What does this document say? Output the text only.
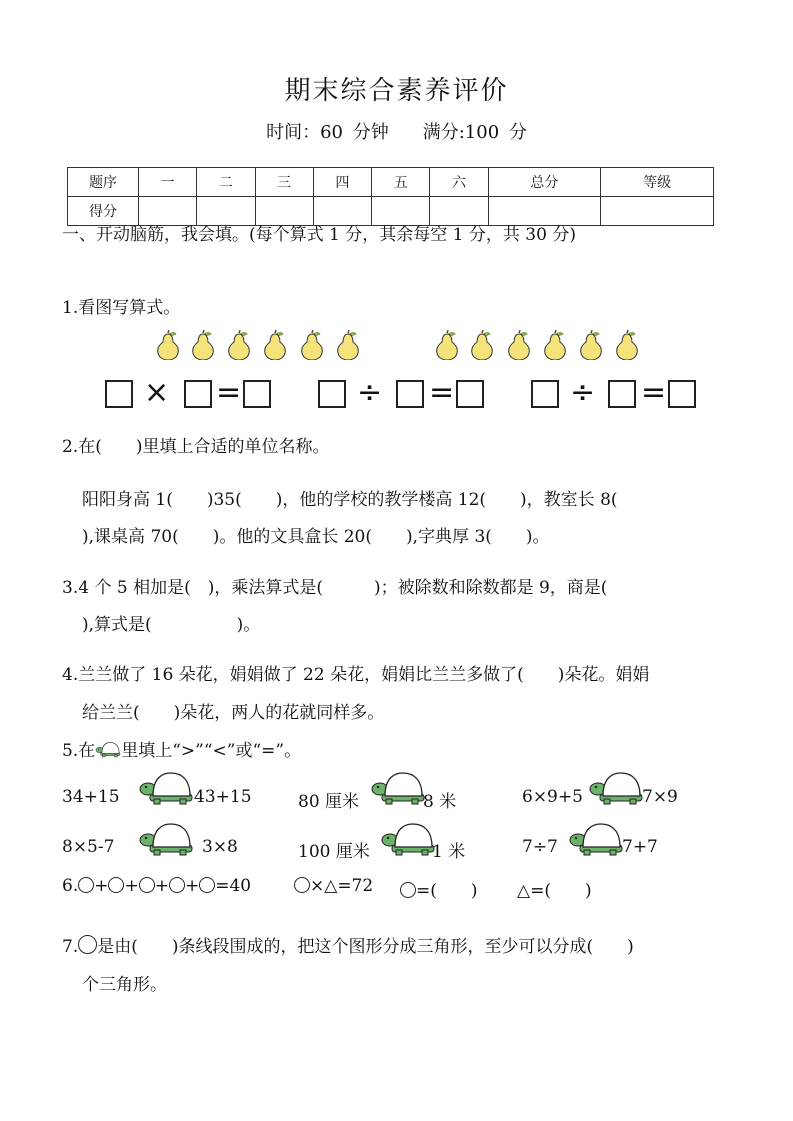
期末综合素养评价
时间：60 分钟 满分:100 分
题序	一	二	三	四	五	六	总分	等级
得分								
一、开动脑筋，我会填。(每个算式 1 分，其余每空 1 分，共 30 分)
1.看图写算式。
× =	÷ =	÷ =
2.在(　　)里填上合适的单位名称。
阳阳身高 1(　　)35(　　)，他的学校的教学楼高 12(　　)，教室长 8(
),课桌高 70(　　)。他的文具盒长 20(　　),字典厚 3(　　)。
3.4 个 5 相加是(　)，乘法算式是(　　　)；被除数和除数都是 9，商是(
),算式是(　　　　　)。
4.兰兰做了 16 朵花，娟娟做了 22 朵花，娟娟比兰兰多做了(　　)朵花。娟娟
给兰兰(　　)朵花，两人的花就同样多。
5.在 里填上“>”“<”或“=”。
34+15	43+15	80 厘米	8 米	6×9+5	7×9
8×5-7	3×8	100 厘米	1 米	7÷7	7+7
6. + + + + =40	×△=72	=(　　) △=(　　)
7. 是由(　　)条线段围成的，把这个图形分成三角形，至少可以分成(　　)
个三角形。
